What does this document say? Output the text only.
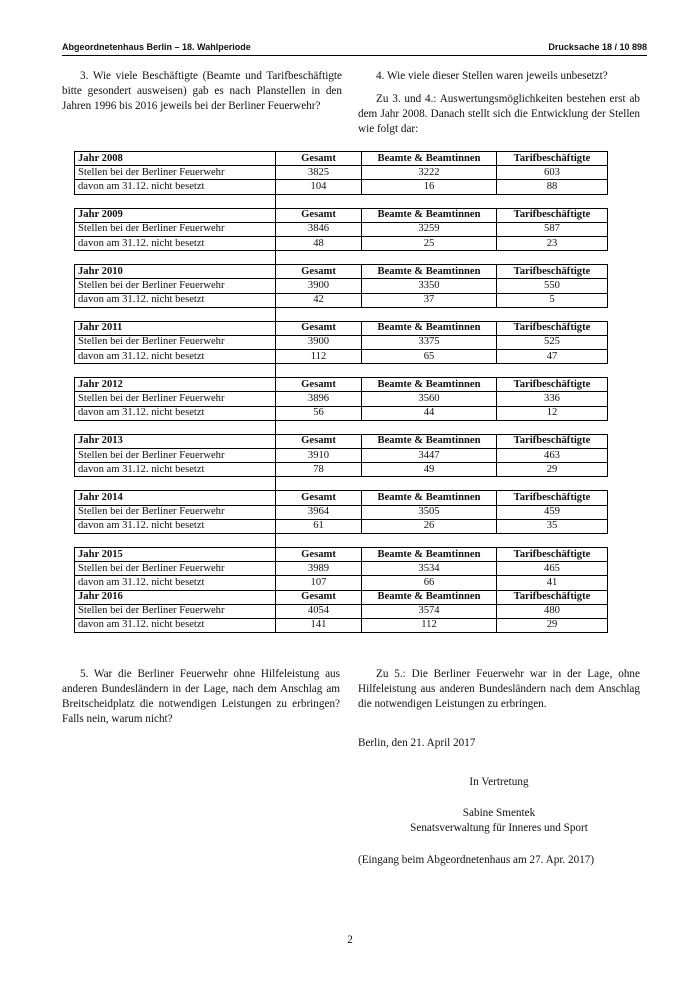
Abgeordnetenhaus Berlin – 18. Wahlperiode	Drucksache 18 / 10 898

3. Wie viele Beschäftigte (Beamte und Tarifbeschäftigte bitte gesondert ausweisen) gab es nach Planstellen in den Jahren 1996 bis 2016 jeweils bei der Berliner Feuerwehr?

4. Wie viele dieser Stellen waren jeweils unbesetzt?

Zu 3. und 4.: Auswertungsmöglichkeiten bestehen erst ab dem Jahr 2008. Danach stellt sich die Entwicklung der Stellen wie folgt dar:

Jahr 2008	Gesamt	Beamte & Beamtinnen	Tarifbeschäftigte
Stellen bei der Berliner Feuerwehr	3825	3222	603
davon am 31.12. nicht besetzt	104	16	88

Jahr 2009	Gesamt	Beamte & Beamtinnen	Tarifbeschäftigte
Stellen bei der Berliner Feuerwehr	3846	3259	587
davon am 31.12. nicht besetzt	48	25	23

Jahr 2010	Gesamt	Beamte & Beamtinnen	Tarifbeschäftigte
Stellen bei der Berliner Feuerwehr	3900	3350	550
davon am 31.12. nicht besetzt	42	37	5

Jahr 2011	Gesamt	Beamte & Beamtinnen	Tarifbeschäftigte
Stellen bei der Berliner Feuerwehr	3900	3375	525
davon am 31.12. nicht besetzt	112	65	47

Jahr 2012	Gesamt	Beamte & Beamtinnen	Tarifbeschäftigte
Stellen bei der Berliner Feuerwehr	3896	3560	336
davon am 31.12. nicht besetzt	56	44	12

Jahr 2013	Gesamt	Beamte & Beamtinnen	Tarifbeschäftigte
Stellen bei der Berliner Feuerwehr	3910	3447	463
davon am 31.12. nicht besetzt	78	49	29

Jahr 2014	Gesamt	Beamte & Beamtinnen	Tarifbeschäftigte
Stellen bei der Berliner Feuerwehr	3964	3505	459
davon am 31.12. nicht besetzt	61	26	35

Jahr 2015	Gesamt	Beamte & Beamtinnen	Tarifbeschäftigte
Stellen bei der Berliner Feuerwehr	3989	3534	465
davon am 31.12. nicht besetzt	107	66	41
Jahr 2016	Gesamt	Beamte & Beamtinnen	Tarifbeschäftigte
Stellen bei der Berliner Feuerwehr	4054	3574	480
davon am 31.12. nicht besetzt	141	112	29

5. War die Berliner Feuerwehr ohne Hilfeleistung aus anderen Bundesländern in der Lage, nach dem Anschlag am Breitscheidplatz die notwendigen Leistungen zu erbringen? Falls nein, warum nicht?

Zu 5.: Die Berliner Feuerwehr war in der Lage, ohne Hilfeleistung aus anderen Bundesländern nach dem Anschlag die notwendigen Leistungen zu erbringen.

Berlin, den 21. April 2017
In Vertretung
Sabine Smentek
Senatsverwaltung für Inneres und Sport
(Eingang beim Abgeordnetenhaus am 27. Apr. 2017)
2
